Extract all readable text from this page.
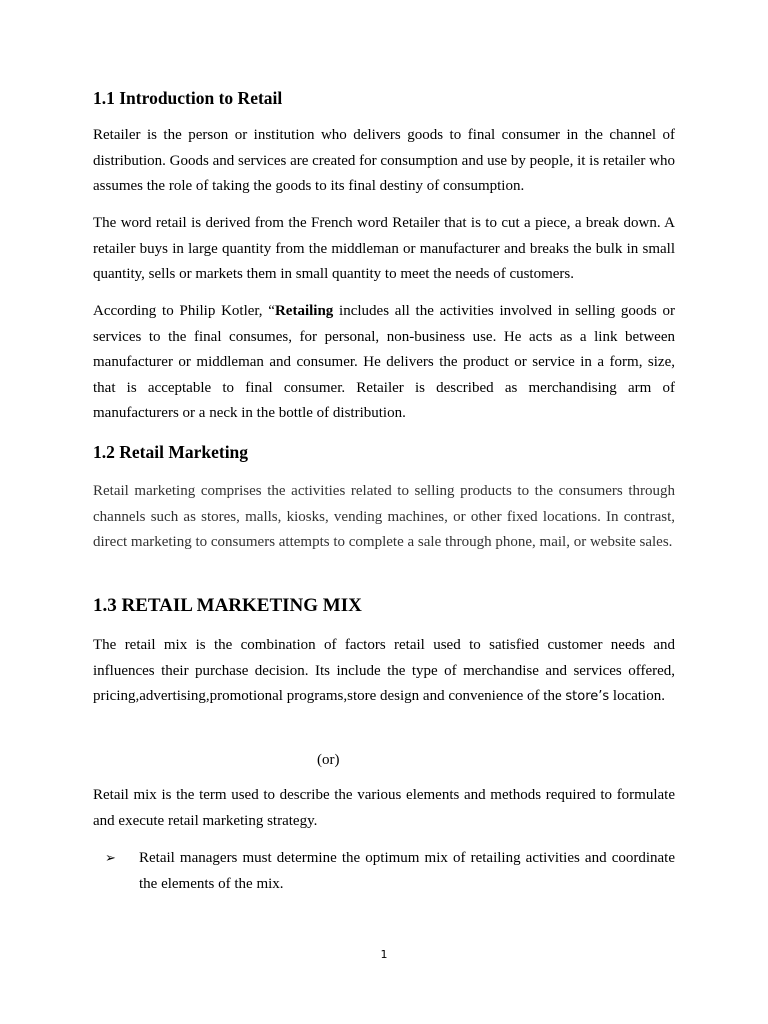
1.1 Introduction to Retail

Retailer is the person or institution who delivers goods to final consumer in the channel of distribution. Goods and services are created for consumption and use by people, it is retailer who assumes the role of taking the goods to its final destiny of consumption.

The word retail is derived from the French word Retailer that is to cut a piece, a break down. A retailer buys in large quantity from the middleman or manufacturer and breaks the bulk in small quantity, sells or markets them in small quantity to meet the needs of customers.

According to Philip Kotler, “Retailing includes all the activities involved in selling goods or services to the final consumes, for personal, non-business use. He acts as a link between manufacturer or middleman and consumer. He delivers the product or service in a form, size, that is acceptable to final consumer. Retailer is described as merchandising arm of manufacturers or a neck in the bottle of distribution.

1.2 Retail Marketing

Retail marketing comprises the activities related to selling products to the consumers through channels such as stores, malls, kiosks, vending machines, or other fixed locations. In contrast, direct marketing to consumers attempts to complete a sale through phone, mail, or website sales.

1.3 RETAIL MARKETING MIX

The retail mix is the combination of factors retail used to satisfied customer needs and influences their purchase decision. Its include the type of merchandise and services offered, pricing,advertising,promotional programs,store design and convenience of the store’s location.

(or)

Retail mix is the term used to describe the various elements and methods required to formulate and execute retail marketing strategy.

➢ Retail managers must determine the optimum mix of retailing activities and coordinate the elements of the mix.

1
